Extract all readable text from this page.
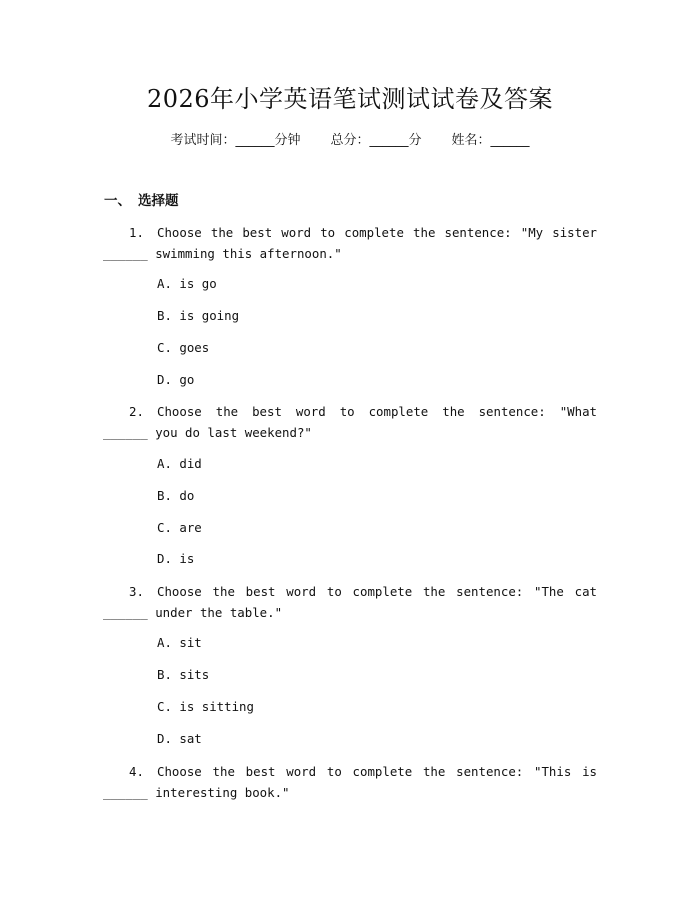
2026年小学英语笔试测试试卷及答案
考试时间：______分钟 总分：______分 姓名：______
一、 选择题
1. Choose the best word to complete the sentence: "My sister ______ swimming this afternoon."
A. is go
B. is going
C. goes
D. go
2. Choose the best word to complete the sentence: "What ______ you do last weekend?"
A. did
B. do
C. are
D. is
3. Choose the best word to complete the sentence: "The cat ______ under the table."
A. sit
B. sits
C. is sitting
D. sat
4. Choose the best word to complete the sentence: "This is ______ interesting book."
